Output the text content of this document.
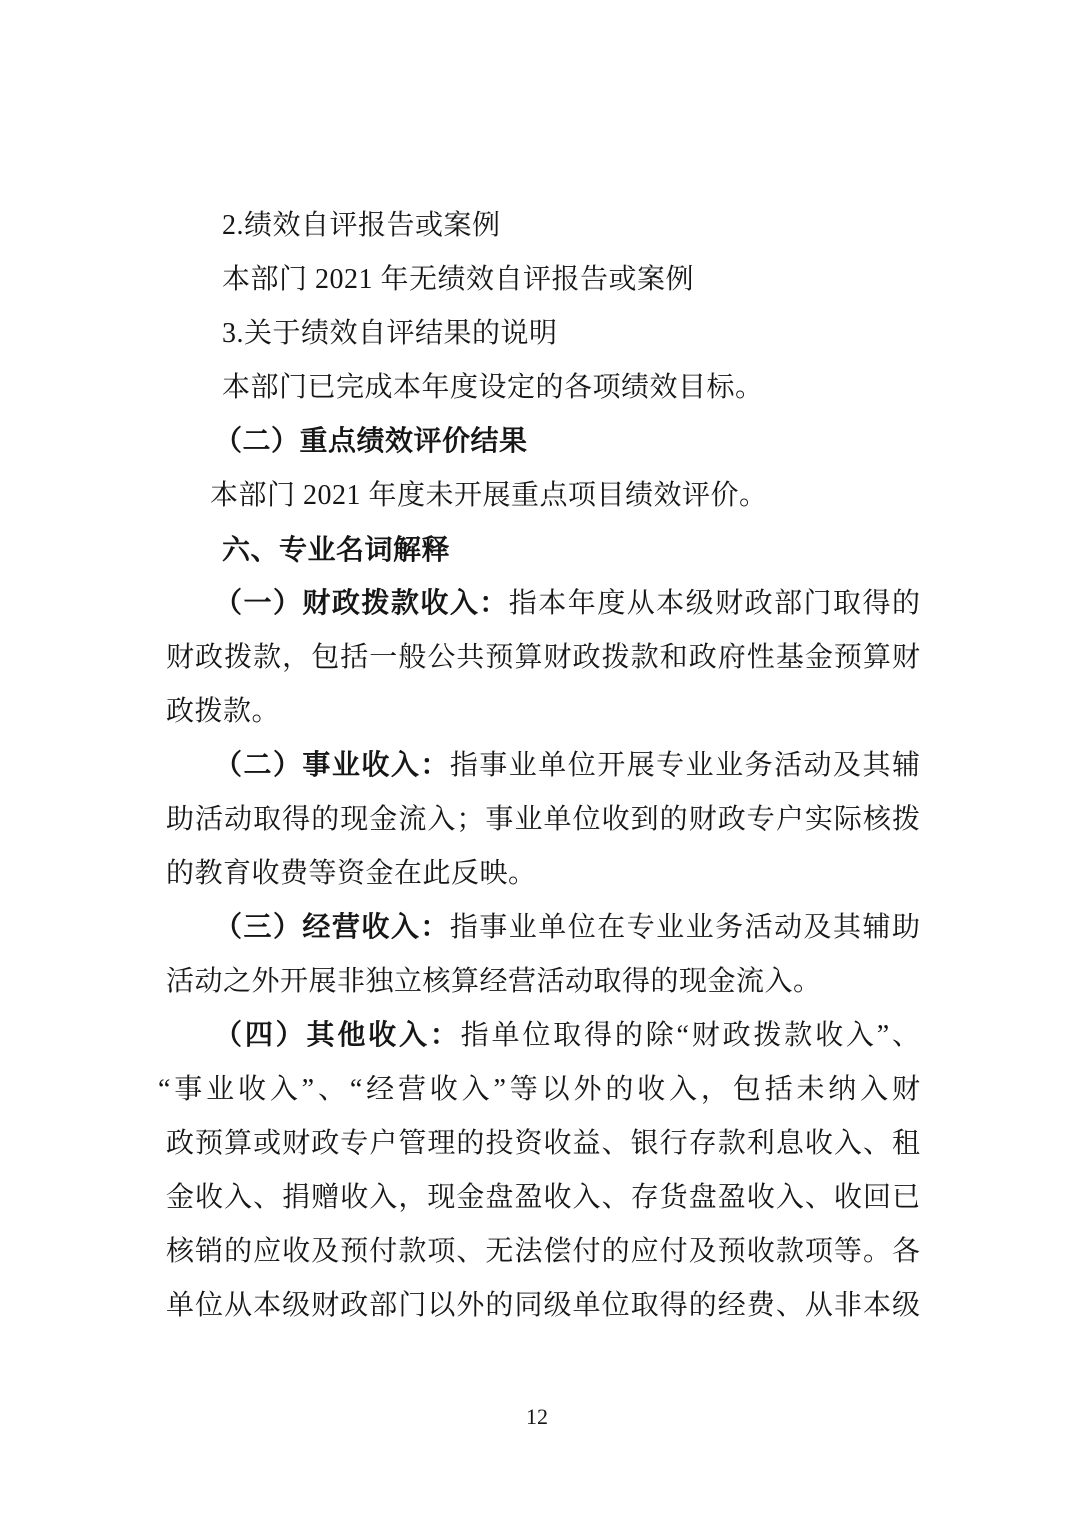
2.绩效自评报告或案例
本部门 2021 年无绩效自评报告或案例
3.关于绩效自评结果的说明
本部门已完成本年度设定的各项绩效目标。
（二）重点绩效评价结果
本部门 2021 年度未开展重点项目绩效评价。
六、专业名词解释
（一）财政拨款收入：指本年度从本级财政部门取得的
财政拨款，包括一般公共预算财政拨款和政府性基金预算财
政拨款。
（二）事业收入：指事业单位开展专业业务活动及其辅
助活动取得的现金流入；事业单位收到的财政专户实际核拨
的教育收费等资金在此反映。
（三）经营收入：指事业单位在专业业务活动及其辅助
活动之外开展非独立核算经营活动取得的现金流入。
（四）其他收入：指单位取得的除“财政拨款收入”、
“事业收入”、“经营收入”等以外的收入，包括未纳入财
政预算或财政专户管理的投资收益、银行存款利息收入、租
金收入、捐赠收入，现金盘盈收入、存货盘盈收入、收回已
核销的应收及预付款项、无法偿付的应付及预收款项等。各
单位从本级财政部门以外的同级单位取得的经费、从非本级
12
